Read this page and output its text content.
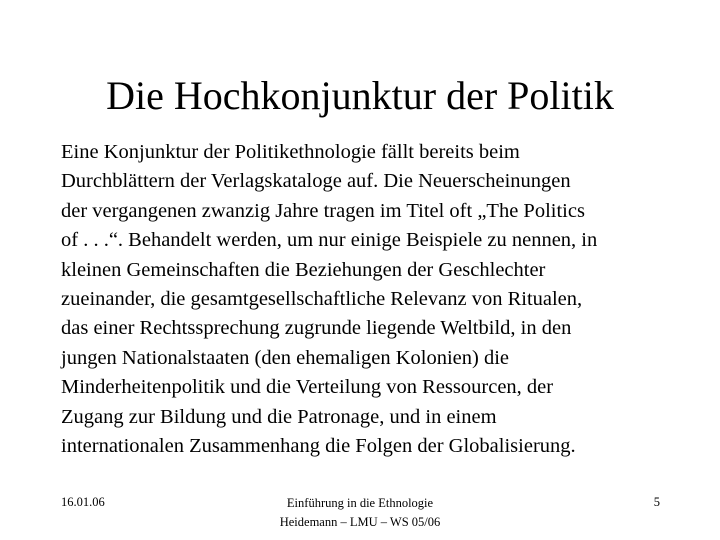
Die Hochkonjunktur der Politik
Eine Konjunktur der Politikethnologie fällt bereits beim
Durchblättern der Verlagskataloge auf. Die Neuerscheinungen
der vergangenen zwanzig Jahre tragen im Titel oft „The Politics
of . . .“. Behandelt werden, um nur einige Beispiele zu nennen, in
kleinen Gemeinschaften die Beziehungen der Geschlechter
zueinander, die gesamtgesellschaftliche Relevanz von Ritualen,
das einer Rechtssprechung zugrunde liegende Weltbild, in den
jungen Nationalstaaten (den ehemaligen Kolonien) die
Minderheitenpolitik und die Verteilung von Ressourcen, der
Zugang zur Bildung und die Patronage, und in einem
internationalen Zusammenhang die Folgen der Globalisierung.
16.01.06	Einführung in die Ethnologie
Heidemann – LMU – WS 05/06
5
